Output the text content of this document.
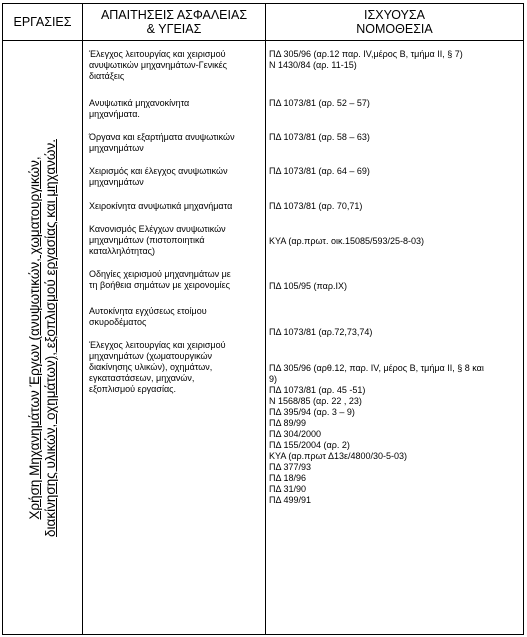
ΕΡΓΑΣΙΕΣ ΑΠΑΙΤΗΣΕΙΣ ΑΣΦΑΛΕΙΑΣ
& ΥΓΕΙΑΣ
ΙΣΧΥΟΥΣΑ
ΝΟΜΟΘΕΣΙΑ
Χρήση Μηχανημάτων Έργων (ανυψωτικών, χωματουργικών, διακίνησης υλικών, οχημάτων), εξοπλισμού εργασίας και μηχανών.
Έλεγχος λειτουργίας και χειρισμού
ανυψωτικών μηχανημάτων-Γενικές
διατάξεις
ΠΔ 305/96 (αρ.12 παρ. IV,μέρος Β, τμήμα II, § 7)
Ν 1430/84 (αρ. 11-15)
Ανυψωτικά μηχανοκίνητα
μηχανήματα.
ΠΔ 1073/81 (αρ. 52 – 57)
Όργανα και εξαρτήματα ανυψωτικών
μηχανημάτων
ΠΔ 1073/81 (αρ. 58 – 63)
Χειρισμός και έλεγχος ανυψωτικών
μηχανημάτων
ΠΔ 1073/81 (αρ. 64 – 69)
Χειροκίνητα ανυψωτικά μηχανήματα	ΠΔ 1073/81 (αρ. 70,71)
Κανονισμός Ελέγχων ανυψωτικών
μηχανημάτων (πιστοποιητικά
καταλληλότητας)
ΚΥΑ (αρ.πρωτ. οικ.15085/593/25-8-03)
Οδηγίες χειρισμού μηχανημάτων με
τη βοήθεια σημάτων με χειρονομίες	ΠΔ 105/95 (παρ.IX)
Αυτοκίνητα εγχύσεως ετοίμου
σκυροδέματος
ΠΔ 1073/81 (αρ.72,73,74)
Έλεγχος λειτουργίας και χειρισμού
μηχανημάτων (χωματουργικών
διακίνησης υλικών), οχημάτων,
εγκαταστάσεων, μηχανών,
εξοπλισμού εργασίας.
ΠΔ 305/96 (αρθ.12, παρ. IV, μέρος Β, τμήμα ΙΙ, § 8 και
9)
ΠΔ 1073/81 (αρ. 45 -51)
Ν 1568/85 (αρ. 22 , 23)
ΠΔ 395/94 (αρ. 3 – 9)
ΠΔ 89/99
ΠΔ 304/2000
ΠΔ 155/2004 (αρ. 2)
ΚΥΑ (αρ.πρωτ Δ13ε/4800/30-5-03)
ΠΔ 377/93
ΠΔ 18/96
ΠΔ 31/90
ΠΔ 499/91
